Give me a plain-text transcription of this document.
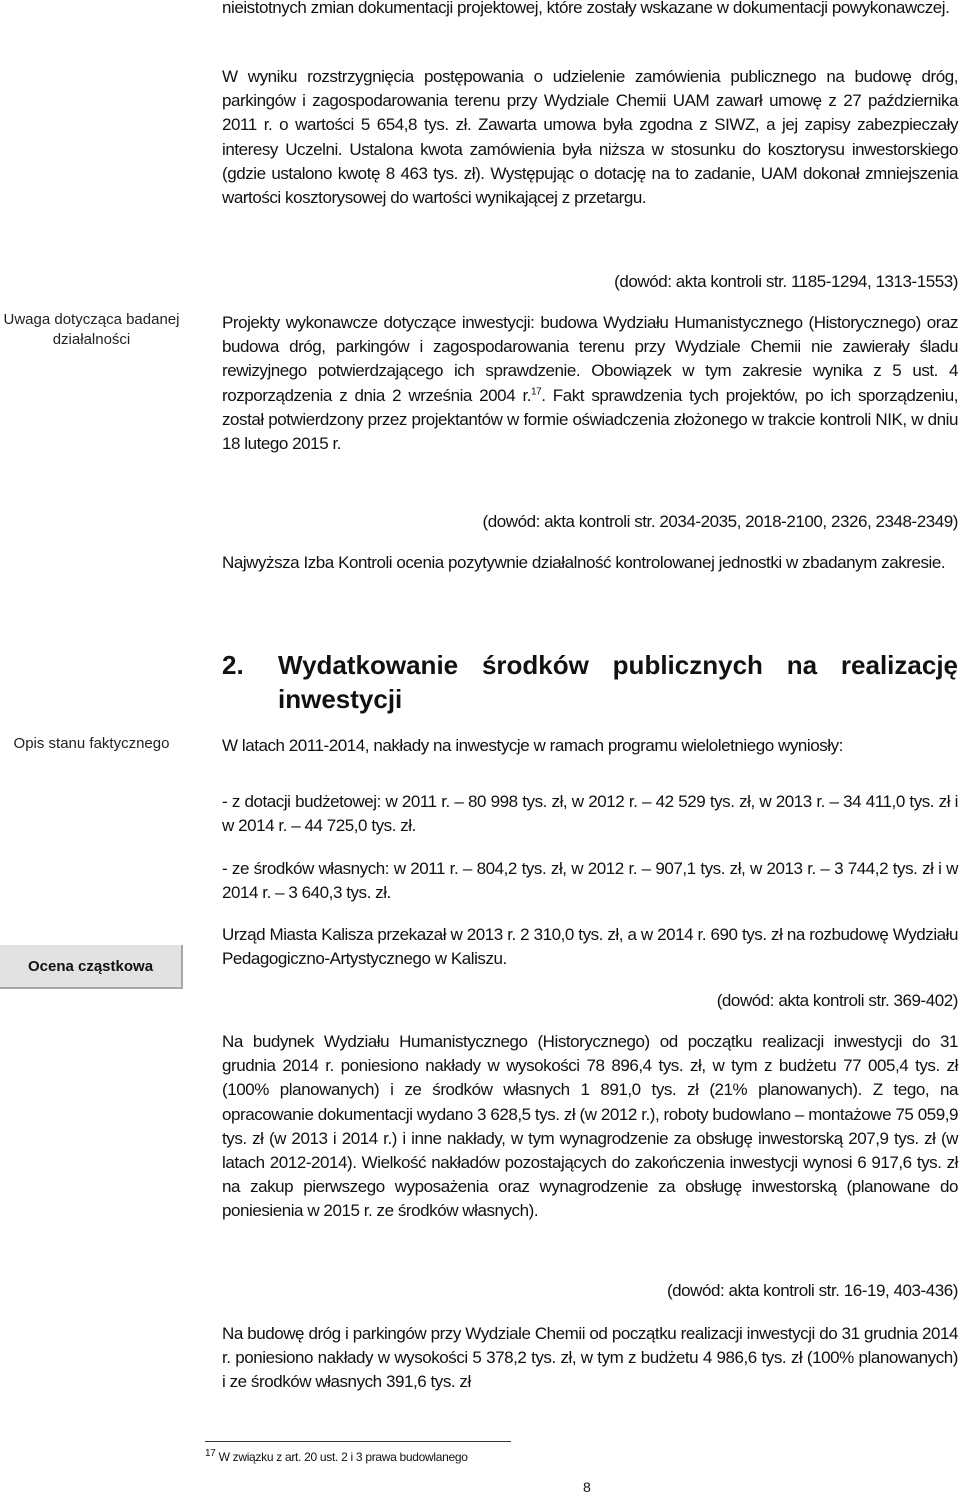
Uwaga dotycząca badanej działalności
Ocena cząstkowa
Opis stanu faktycznego

nieistotnych zmian dokumentacji projektowej, które zostały wskazane w dokumentacji powykonawczej.

W wyniku rozstrzygnięcia postępowania o udzielenie zamówienia publicznego na budowę dróg, parkingów i zagospodarowania terenu przy Wydziale Chemii UAM zawarł umowę z 27 października 2011 r. o wartości 5 654,8 tys. zł. Zawarta umowa była zgodna z SIWZ, a jej zapisy zabezpieczały interesy Uczelni. Ustalona kwota zamówienia była niższa w stosunku do kosztorysu inwestorskiego (gdzie ustalono kwotę 8 463 tys. zł). Występując o dotację na to zadanie, UAM dokonał zmniejszenia wartości kosztorysowej do wartości wynikającej z przetargu.

(dowód: akta kontroli str. 1185-1294, 1313-1553)

Projekty wykonawcze dotyczące inwestycji: budowa Wydziału Humanistycznego (Historycznego) oraz budowa dróg, parkingów i zagospodarowania terenu przy Wydziale Chemii nie zawierały śladu rewizyjnego potwierdzającego ich sprawdzenie. Obowiązek w tym zakresie wynika z 5 ust. 4 rozporządzenia z dnia 2 września 2004 r.$^{17}$. Fakt sprawdzenia tych projektów, po ich sporządzeniu, został potwierdzony przez projektantów w formie oświadczenia złożonego w trakcie kontroli NIK, w dniu 18 lutego 2015 r.

(dowód: akta kontroli str. 2034-2035, 2018-2100, 2326, 2348-2349)

Najwyższa Izba Kontroli ocenia pozytywnie działalność kontrolowanej jednostki w zbadanym zakresie.

2.	Wydatkowanie środków publicznych na realizację inwestycji

W latach 2011-2014, nakłady na inwestycje w ramach programu wieloletniego wyniosły:

- z dotacji budżetowej: w 2011 r. – 80 998 tys. zł, w 2012 r. – 42 529 tys. zł, w 2013 r. – 34 411,0 tys. zł i w 2014 r. – 44 725,0 tys. zł.

- ze środków własnych: w 2011 r. – 804,2 tys. zł, w 2012 r. – 907,1 tys. zł, w 2013 r. – 3 744,2 tys. zł i w 2014 r. – 3 640,3 tys. zł.

Urząd Miasta Kalisza przekazał w 2013 r. 2 310,0 tys. zł, a w 2014 r. 690 tys. zł na rozbudowę Wydziału Pedagogiczno-Artystycznego w Kaliszu.

(dowód: akta kontroli str. 369-402)

Na budynek Wydziału Humanistycznego (Historycznego) od początku realizacji inwestycji do 31 grudnia 2014 r. poniesiono nakłady w wysokości 78 896,4 tys. zł, w tym z budżetu 77 005,4 tys. zł (100% planowanych) i ze środków własnych 1 891,0 tys. zł (21% planowanych). Z tego, na opracowanie dokumentacji wydano 3 628,5 tys. zł (w 2012 r.), roboty budowlano – montażowe 75 059,9 tys. zł (w 2013 i 2014 r.) i inne nakłady, w tym wynagrodzenie za obsługę inwestorską 207,9 tys. zł (w latach 2012-2014). Wielkość nakładów pozostających do zakończenia inwestycji wynosi 6 917,6 tys. zł na zakup pierwszego wyposażenia oraz wynagrodzenie za obsługę inwestorską (planowane do poniesienia w 2015 r. ze środków własnych).

(dowód: akta kontroli str. 16-19, 403-436)

Na budowę dróg i parkingów przy Wydziale Chemii od początku realizacji inwestycji do 31 grudnia 2014 r. poniesiono nakłady w wysokości 5 378,2 tys. zł, w tym z budżetu 4 986,6 tys. zł (100% planowanych) i ze środków własnych 391,6 tys. zł

$^{17}$ W związku z art. 20 ust. 2 i 3 prawa budowlanego
8
